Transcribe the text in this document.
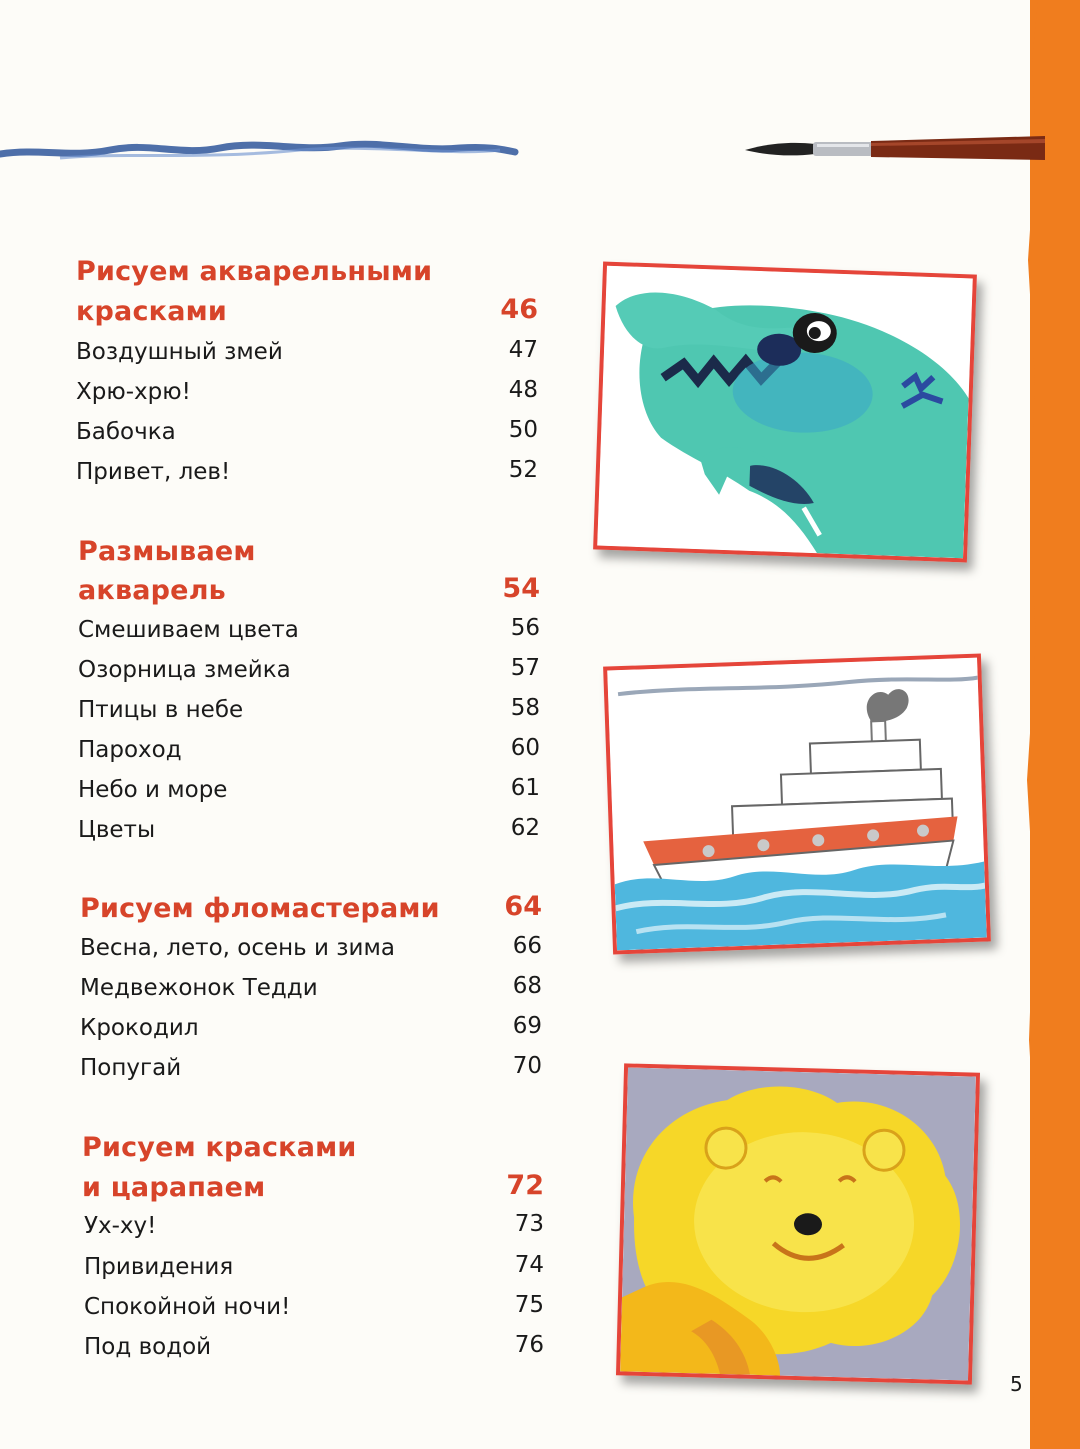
Рисуем акварельными
красками	46
Воздушный змей	47
Хрю-хрю!	48
Бабочка	50
Привет, лев!	52
Размываем
акварель	54
Смешиваем цвета	56
Озорница змейка	57
Птицы в небе	58
Пароход	60
Небо и море	61
Цветы	62
Рисуем фломастерами	64
Весна, лето, осень и зима	66
Медвежонок Тедди	68
Крокодил	69
Попугай	70
Рисуем красками
и царапаем	72
Ух-ху!	73
Привидения	74
Спокойной ночи!	75
Под водой	76
5
